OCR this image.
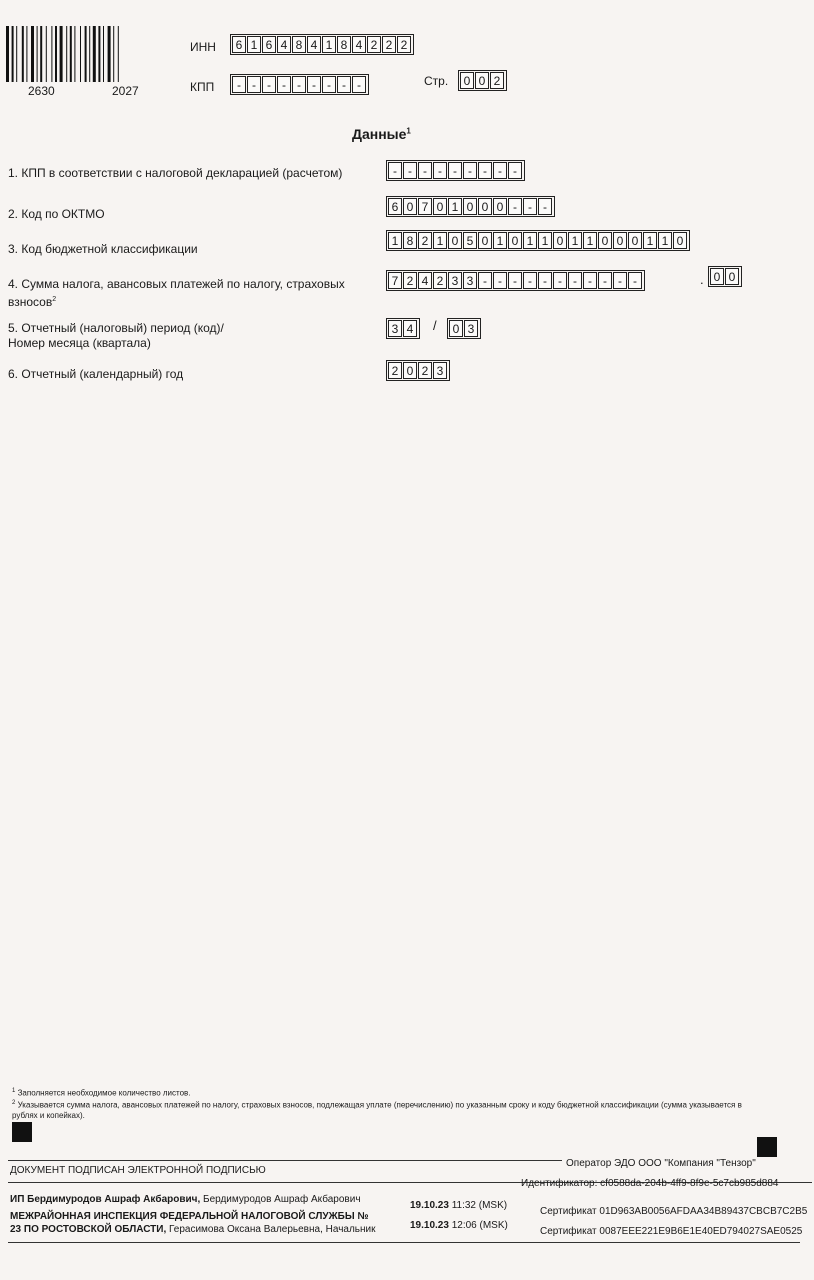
2630	2027
ИНН	6 1 6 4 8 4 1 8 4 2 2 2
КПП	- - - - - - - - -	Стр.	0 0 2
Данные$^1$
1. КПП в соответствии с налоговой декларацией (расчетом)	- - - - - - - - -
2. Код по ОКТМО	6 0 7 0 1 0 0 0 - - -
3. Код бюджетной классификации
1 8 2 1 0 5 0 1 0 1 1 0 1 1 0 0 0 1 1 0
4. Сумма налога, авансовых платежей по налогу, страховых взносов$^2$
7 2 4 2 3 3 - - - - - - - - - - -	. 0 0
5. Отчетный (налоговый) период (код)/
Номер месяца (квартала)
3 4 /	0 3
6. Отчетный (календарный) год	2 0 2 3
$^1$ Заполняется необходимое количество листов.
$^2$ Указывается сумма налога, авансовых платежей по налогу, страховых взносов, подлежащая уплате (перечислению) по указанным сроку и коду бюджетной классификации (сумма указывается в рублях и копейках).
ДОКУМЕНТ ПОДПИСАН ЭЛЕКТРОННОЙ ПОДПИСЬЮ
Оператор ЭДО ООО "Компания "Тензор"
Идентификатор: cf0588da-204b-4ff9-8f9e-5c7cb985d884
ИП Бердимуродов Ашраф Акбарович, Бердимуродов Ашраф Акбарович
19.10.23 11:32 (MSK)
Сертификат 01D963AB0056AFDAA34B89437CBCB7C2B5
МЕЖРАЙОННАЯ ИНСПЕКЦИЯ ФЕДЕРАЛЬНОЙ НАЛОГОВОЙ СЛУЖБЫ №
23 ПО РОСТОВСКОЙ ОБЛАСТИ, Герасимова Оксана Валерьевна, Начальник	19.10.23 12:06 (MSK)
Сертификат 0087EEE221E9B6E1E40ED794027SAE0525
